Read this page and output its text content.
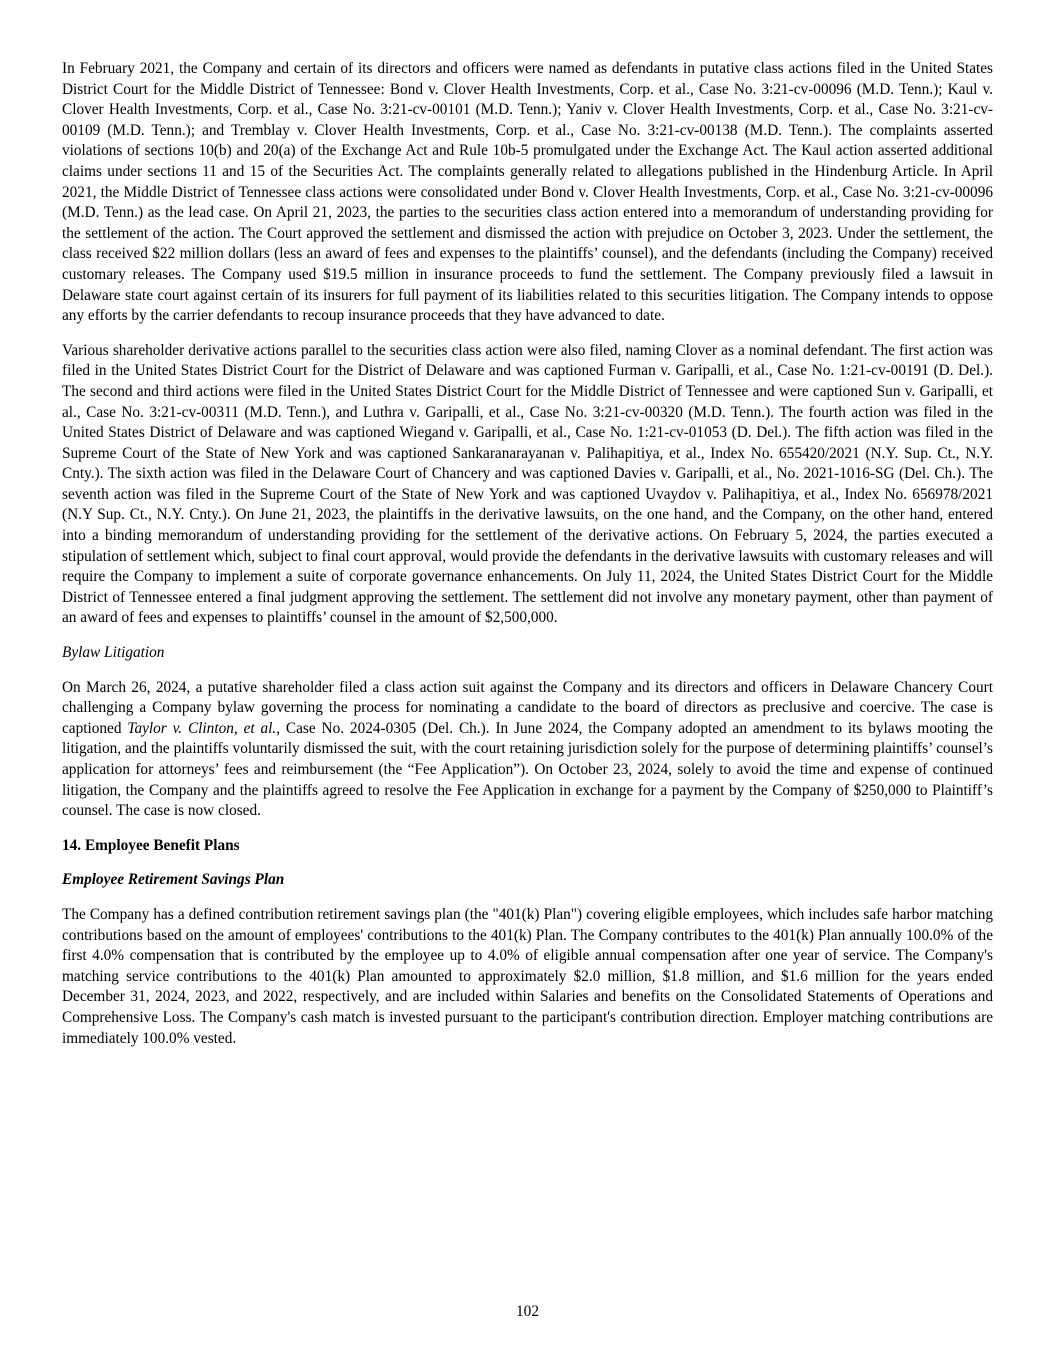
In February 2021, the Company and certain of its directors and officers were named as defendants in putative class actions filed in the United States District Court for the Middle District of Tennessee: Bond v. Clover Health Investments, Corp. et al., Case No. 3:21-cv-00096 (M.D. Tenn.); Kaul v. Clover Health Investments, Corp. et al., Case No. 3:21-cv-00101 (M.D. Tenn.); Yaniv v. Clover Health Investments, Corp. et al., Case No. 3:21-cv-00109 (M.D. Tenn.); and Tremblay v. Clover Health Investments, Corp. et al., Case No. 3:21-cv-00138 (M.D. Tenn.). The complaints asserted violations of sections 10(b) and 20(a) of the Exchange Act and Rule 10b-5 promulgated under the Exchange Act. The Kaul action asserted additional claims under sections 11 and 15 of the Securities Act. The complaints generally related to allegations published in the Hindenburg Article. In April 2021, the Middle District of Tennessee class actions were consolidated under Bond v. Clover Health Investments, Corp. et al., Case No. 3:21-cv-00096 (M.D. Tenn.) as the lead case. On April 21, 2023, the parties to the securities class action entered into a memorandum of understanding providing for the settlement of the action. The Court approved the settlement and dismissed the action with prejudice on October 3, 2023. Under the settlement, the class received $22 million dollars (less an award of fees and expenses to the plaintiffs’ counsel), and the defendants (including the Company) received customary releases. The Company used $19.5 million in insurance proceeds to fund the settlement. The Company previously filed a lawsuit in Delaware state court against certain of its insurers for full payment of its liabilities related to this securities litigation. The Company intends to oppose any efforts by the carrier defendants to recoup insurance proceeds that they have advanced to date.

Various shareholder derivative actions parallel to the securities class action were also filed, naming Clover as a nominal defendant. The first action was filed in the United States District Court for the District of Delaware and was captioned Furman v. Garipalli, et al., Case No. 1:21-cv-00191 (D. Del.). The second and third actions were filed in the United States District Court for the Middle District of Tennessee and were captioned Sun v. Garipalli, et al., Case No. 3:21-cv-00311 (M.D. Tenn.), and Luthra v. Garipalli, et al., Case No. 3:21-cv-00320 (M.D. Tenn.). The fourth action was filed in the United States District of Delaware and was captioned Wiegand v. Garipalli, et al., Case No. 1:21-cv-01053 (D. Del.). The fifth action was filed in the Supreme Court of the State of New York and was captioned Sankaranarayanan v. Palihapitiya, et al., Index No. 655420/2021 (N.Y. Sup. Ct., N.Y. Cnty.). The sixth action was filed in the Delaware Court of Chancery and was captioned Davies v. Garipalli, et al., No. 2021-1016-SG (Del. Ch.). The seventh action was filed in the Supreme Court of the State of New York and was captioned Uvaydov v. Palihapitiya, et al., Index No. 656978/2021 (N.Y Sup. Ct., N.Y. Cnty.). On June 21, 2023, the plaintiffs in the derivative lawsuits, on the one hand, and the Company, on the other hand, entered into a binding memorandum of understanding providing for the settlement of the derivative actions. On February 5, 2024, the parties executed a stipulation of settlement which, subject to final court approval, would provide the defendants in the derivative lawsuits with customary releases and will require the Company to implement a suite of corporate governance enhancements. On July 11, 2024, the United States District Court for the Middle District of Tennessee entered a final judgment approving the settlement. The settlement did not involve any monetary payment, other than payment of an award of fees and expenses to plaintiffs’ counsel in the amount of $2,500,000.

Bylaw Litigation

On March 26, 2024, a putative shareholder filed a class action suit against the Company and its directors and officers in Delaware Chancery Court challenging a Company bylaw governing the process for nominating a candidate to the board of directors as preclusive and coercive. The case is captioned Taylor v. Clinton, et al., Case No. 2024-0305 (Del. Ch.). In June 2024, the Company adopted an amendment to its bylaws mooting the litigation, and the plaintiffs voluntarily dismissed the suit, with the court retaining jurisdiction solely for the purpose of determining plaintiffs’ counsel’s application for attorneys’ fees and reimbursement (the “Fee Application”). On October 23, 2024, solely to avoid the time and expense of continued litigation, the Company and the plaintiffs agreed to resolve the Fee Application in exchange for a payment by the Company of $250,000 to Plaintiff’s counsel. The case is now closed.

14. Employee Benefit Plans

Employee Retirement Savings Plan

The Company has a defined contribution retirement savings plan (the "401(k) Plan") covering eligible employees, which includes safe harbor matching contributions based on the amount of employees' contributions to the 401(k) Plan. The Company contributes to the 401(k) Plan annually 100.0% of the first 4.0% compensation that is contributed by the employee up to 4.0% of eligible annual compensation after one year of service. The Company's matching service contributions to the 401(k) Plan amounted to approximately $2.0 million, $1.8 million, and $1.6 million for the years ended December 31, 2024, 2023, and 2022, respectively, and are included within Salaries and benefits on the Consolidated Statements of Operations and Comprehensive Loss. The Company's cash match is invested pursuant to the participant's contribution direction. Employer matching contributions are immediately 100.0% vested.

102
